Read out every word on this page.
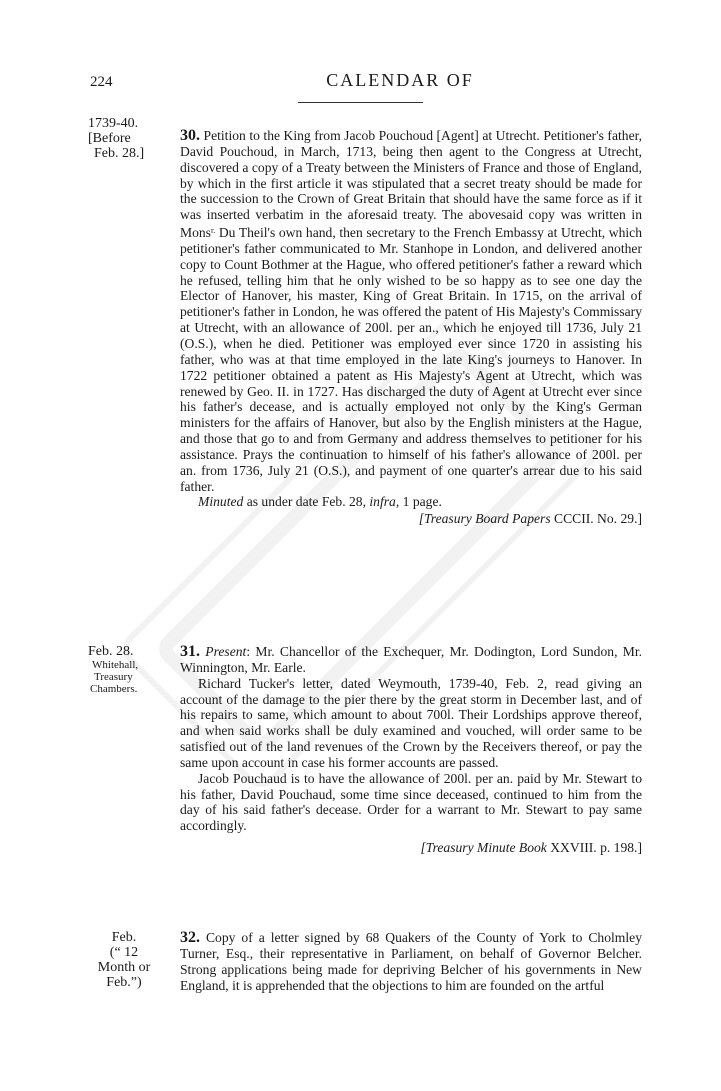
224	CALENDAR OF
1739-40.
[Before
Feb. 28.]

30. Petition to the King from Jacob Pouchoud [Agent] at Utrecht. Petitioner's father, David Pouchoud, in March, 1713, being then agent to the Congress at Utrecht, discovered a copy of a Treaty between the Ministers of France and those of England, by which in the first article it was stipulated that a secret treaty should be made for the succession to the Crown of Great Britain that should have the same force as if it was inserted verbatim in the aforesaid treaty. The abovesaid copy was written in Mons$^{r.}$ Du Theil's own hand, then secretary to the French Embassy at Utrecht, which petitioner's father communicated to Mr. Stanhope in London, and delivered another copy to Count Bothmer at the Hague, who offered petitioner's father a reward which he refused, telling him that he only wished to be so happy as to see one day the Elector of Hanover, his master, King of Great Britain. In 1715, on the arrival of petitioner's father in London, he was offered the patent of His Majesty's Commissary at Utrecht, with an allowance of 200l. per an., which he enjoyed till 1736, July 21 (O.S.), when he died. Petitioner was employed ever since 1720 in assisting his father, who was at that time employed in the late King's journeys to Hanover. In 1722 petitioner obtained a patent as His Majesty's Agent at Utrecht, which was renewed by Geo. II. in 1727. Has discharged the duty of Agent at Utrecht ever since his father's decease, and is actually employed not only by the King's German ministers for the affairs of Hanover, but also by the English ministers at the Hague, and those that go to and from Germany and address themselves to petitioner for his assistance. Prays the continuation to himself of his father's allowance of 200l. per an. from 1736, July 21 (O.S.), and payment of one quarter's arrear due to his said father.

Minuted as under date Feb. 28, infra, 1 page.

[Treasury Board Papers CCCII. No. 29.]

Feb. 28.
Whitehall,
Treasury
Chambers.

31. Present: Mr. Chancellor of the Exchequer, Mr. Dodington, Lord Sundon, Mr. Winnington, Mr. Earle.

Richard Tucker's letter, dated Weymouth, 1739-40, Feb. 2, read giving an account of the damage to the pier there by the great storm in December last, and of his repairs to same, which amount to about 700l. Their Lordships approve thereof, and when said works shall be duly examined and vouched, will order same to be satisfied out of the land revenues of the Crown by the Receivers thereof, or pay the same upon account in case his former accounts are passed.

Jacob Pouchaud is to have the allowance of 200l. per an. paid by Mr. Stewart to his father, David Pouchaud, some time since deceased, continued to him from the day of his said father's decease. Order for a warrant to Mr. Stewart to pay same accordingly.

[Treasury Minute Book XXVIII. p. 198.]

Feb.
(“ 12
Month or
Feb.”)

32. Copy of a letter signed by 68 Quakers of the County of York to Cholmley Turner, Esq., their representative in Parliament, on behalf of Governor Belcher. Strong applications being made for depriving Belcher of his governments in New England, it is apprehended that the objections to him are founded on the artful
